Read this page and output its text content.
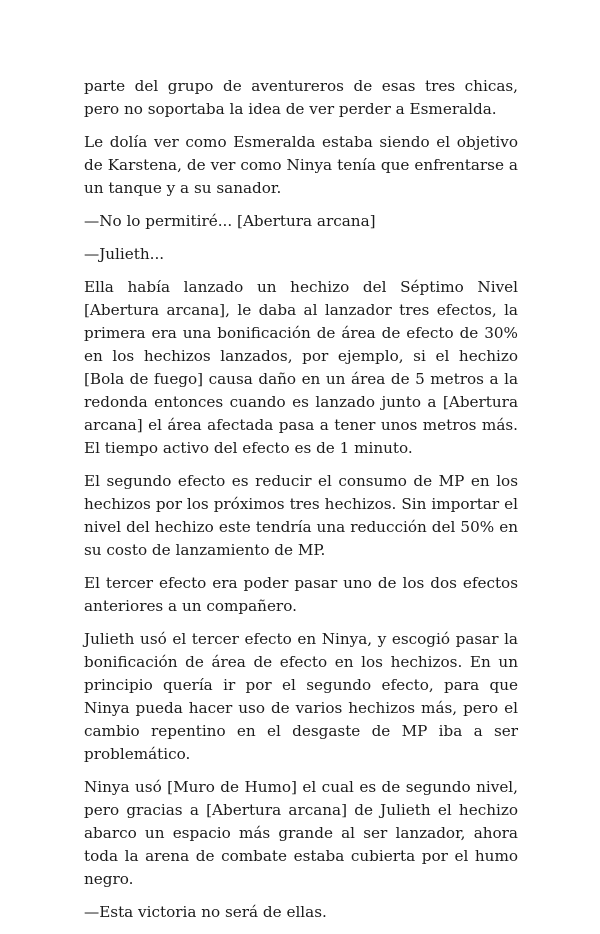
parte del grupo de aventureros de esas tres chicas, pero no soportaba la idea de ver perder a Esmeralda.

Le dolía ver como Esmeralda estaba siendo el objetivo de Karstena, de ver como Ninya tenía que enfrentarse a un tanque y a su sanador.

—No lo permitiré... [Abertura arcana]

—Julieth...

Ella había lanzado un hechizo del Séptimo Nivel [Abertura arcana], le daba al lanzador tres efectos, la primera era una bonificación de área de efecto de 30% en los hechizos lanzados, por ejemplo, si el hechizo [Bola de fuego] causa daño en un área de 5 metros a la redonda entonces cuando es lanzado junto a [Abertura arcana] el área afectada pasa a tener unos metros más. El tiempo activo del efecto es de 1 minuto.

El segundo efecto es reducir el consumo de MP en los hechizos por los próximos tres hechizos. Sin importar el nivel del hechizo este tendría una reducción del 50% en su costo de lanzamiento de MP.

El tercer efecto era poder pasar uno de los dos efectos anteriores a un compañero.

Julieth usó el tercer efecto en Ninya, y escogió pasar la bonificación de área de efecto en los hechizos. En un principio quería ir por el segundo efecto, para que Ninya pueda hacer uso de varios hechizos más, pero el cambio repentino en el desgaste de MP iba a ser problemático.

Ninya usó [Muro de Humo] el cual es de segundo nivel, pero gracias a [Abertura arcana] de Julieth el hechizo abarco un espacio más grande al ser lanzador, ahora toda la arena de combate estaba cubierta por el humo negro.

—Esta victoria no será de ellas.
